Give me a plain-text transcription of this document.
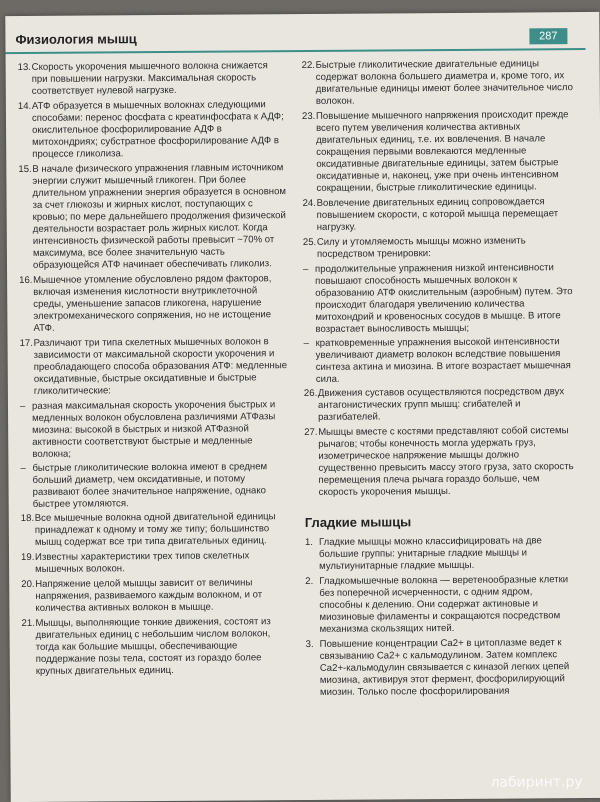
Физиология мышц	287

13. Скорость укорочения мышечного волокна снижается при повышении нагрузки. Максимальная скорость соответствует нулевой нагрузке.

14. АТФ образуется в мышечных волокнах следующими способами: перенос фосфата с креатинфосфата к АДФ; окислительное фосфорилирование АДФ в митохондриях; субстратное фосфорилирование АДФ в процессе гликолиза.

15. В начале физического упражнения главным источником энергии служит мышечный гликоген. При более длительном упражнении энергия образуется в основном за счет глюкозы и жирных кислот, поступающих с кровью; по мере дальнейшего продолжения физической деятельности возрастает роль жирных кислот. Когда интенсивность физической работы превысит ~70% от максимума, все более значительную часть образующейся АТФ начинает обеспечивать гликолиз.

16. Мышечное утомление обусловлено рядом факторов, включая изменения кислотности внутриклеточной среды, уменьшение запасов гликогена, нарушение электромеханического сопряжения, но не истощение АТФ.

17. Различают три типа скелетных мышечных волокон в зависимости от максимальной скорости укорочения и преобладающего способа образования АТФ: медленные оксидативные, быстрые оксидативные и быстрые гликолитические:

– разная максимальная скорость укорочения быстрых и медленных волокон обусловлена различиями АТФазы миозина: высокой в быстрых и низкой АТФазной активности соответствуют быстрые и медленные волокна;

– быстрые гликолитические волокна имеют в среднем больший диаметр, чем оксидативные, и потому развивают более значительное напряжение, однако быстрее утомляются.

18. Все мышечные волокна одной двигательной единицы принадлежат к одному и тому же типу; большинство мышц содержат все три типа двигательных единиц.

19. Известны характеристики трех типов скелетных мышечных волокон.

20. Напряжение целой мышцы зависит от величины напряжения, развиваемого каждым волокном, и от количества активных волокон в мышце.

21. Мышцы, выполняющие тонкие движения, состоят из двигательных единиц с небольшим числом волокон, тогда как большие мышцы, обеспечивающие поддержание позы тела, состоят из гораздо более крупных двигательных единиц.

22. Быстрые гликолитические двигательные единицы содержат волокна большего диаметра и, кроме того, их двигательные единицы имеют более значительное число волокон.

23. Повышение мышечного напряжения происходит прежде всего путем увеличения количества активных двигательных единиц, т.е. их вовлечения. В начале сокращения первыми вовлекаются медленные оксидативные двигательные единицы, затем быстрые оксидативные и, наконец, уже при очень интенсивном сокращении, быстрые гликолитические единицы.

24. Вовлечение двигательных единиц сопровождается повышением скорости, с которой мышца перемещает нагрузку.

25. Силу и утомляемость мышцы можно изменить посредством тренировки:

– продолжительные упражнения низкой интенсивности повышают способность мышечных волокон к образованию АТФ окислительным (аэробным) путем. Это происходит благодаря увеличению количества митохондрий и кровеносных сосудов в мышце. В итоге возрастает выносливость мышцы;

– кратковременные упражнения высокой интенсивности увеличивают диаметр волокон вследствие повышения синтеза актина и миозина. В итоге возрастает мышечная сила.

26. Движения суставов осуществляются посредством двух антагонистических групп мышц: сгибателей и разгибателей.

27. Мышцы вместе с костями представляют собой системы рычагов; чтобы конечность могла удержать груз, изометрическое напряжение мышцы должно существенно превысить массу этого груза, зато скорость перемещения плеча рычага гораздо больше, чем скорость укорочения мышцы.

Гладкие мышцы

1. Гладкие мышцы можно классифицировать на две большие группы: унитарные гладкие мышцы и мультиунитарные гладкие мышцы.

2. Гладкомышечные волокна — веретенообразные клетки без поперечной исчерченности, с одним ядром, способны к делению. Они содержат актиновые и миозиновые филаменты и сокращаются посредством механизма скользящих нитей.

3. Повышение концентрации Ca2+ в цитоплазме ведет к связыванию Ca2+ с кальмодулином. Затем комплекс Ca2+-кальмодулин связывается с киназой легких цепей миозина, активируя этот фермент, фосфорилирующий миозин. Только после фосфорилирования

лабиринт.ру
